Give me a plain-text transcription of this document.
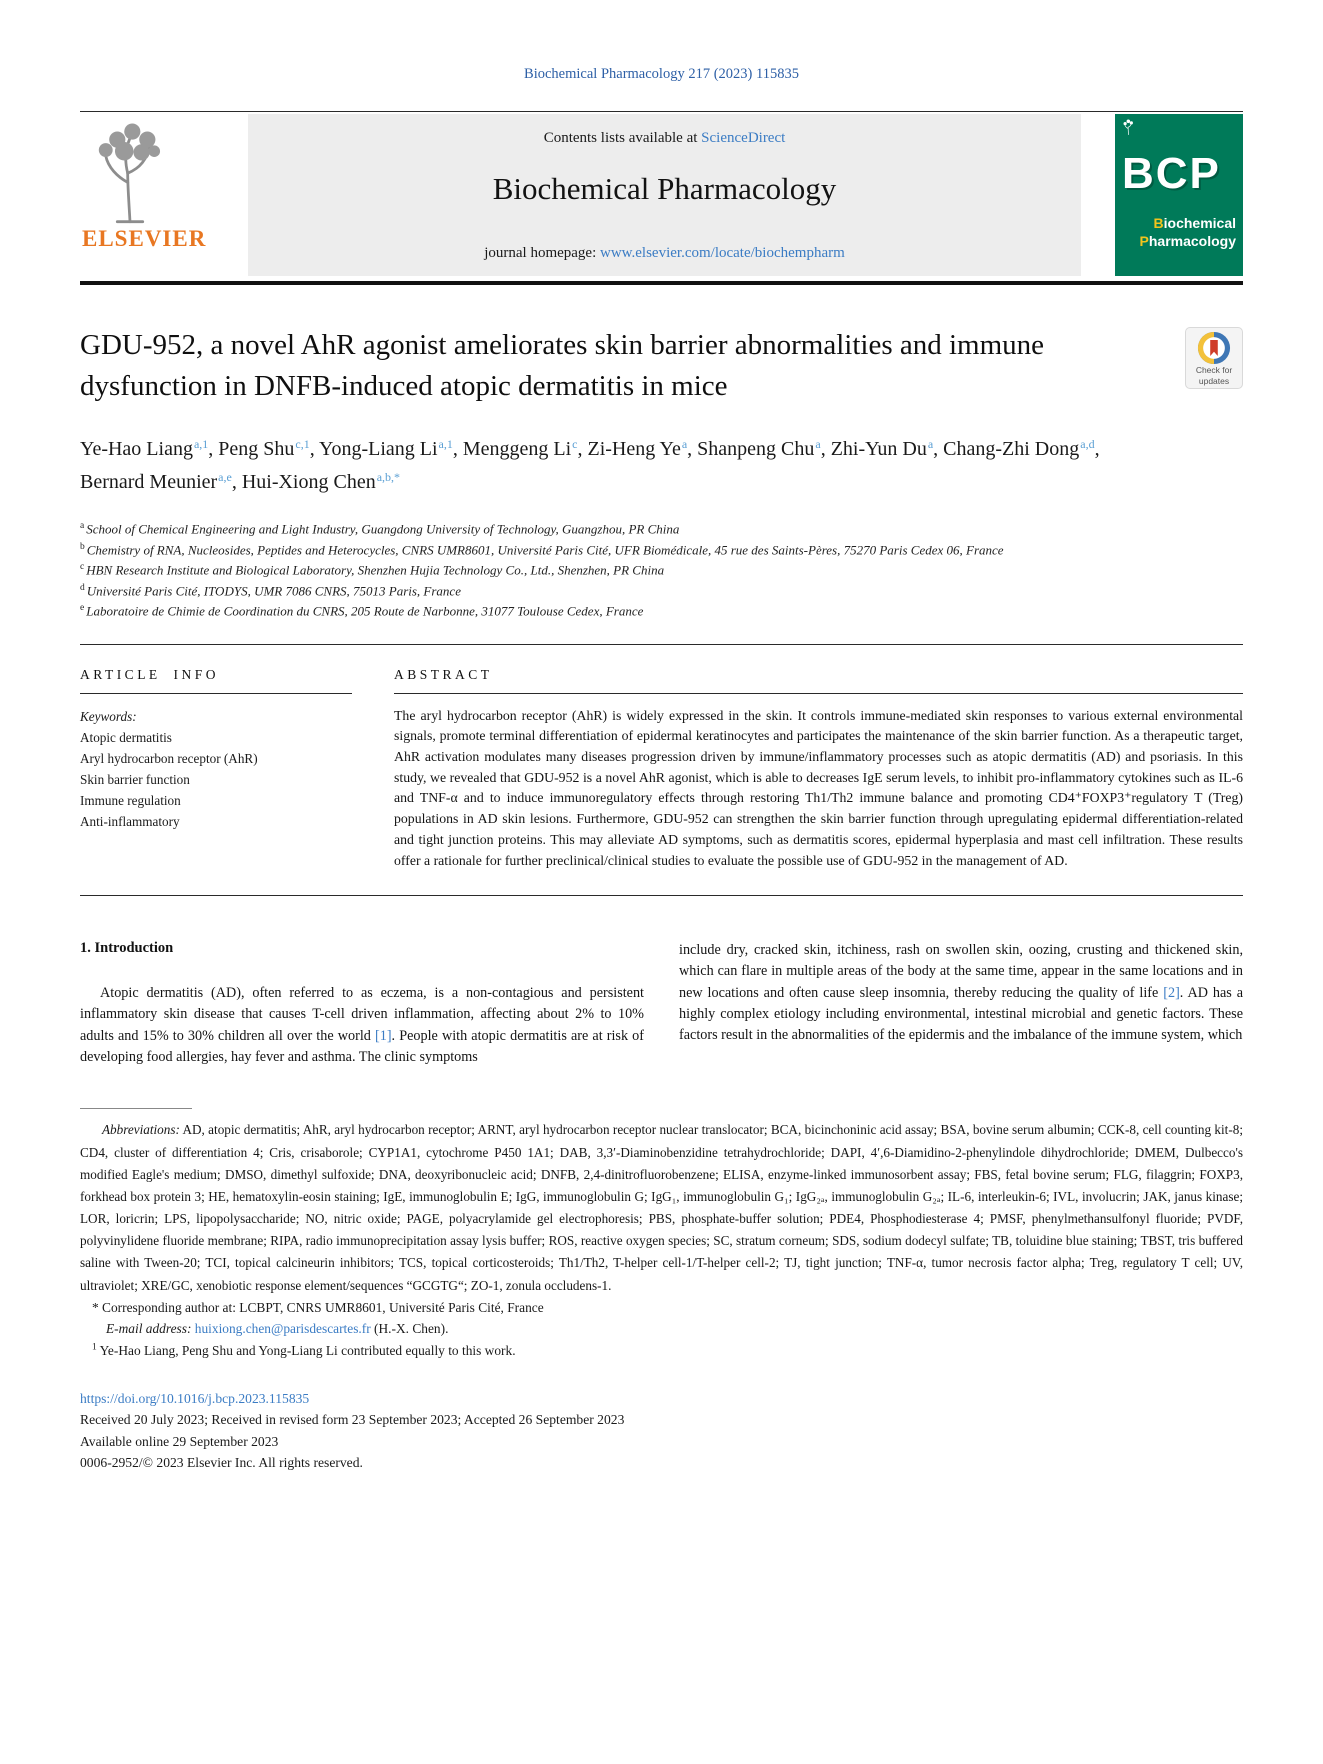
Biochemical Pharmacology 217 (2023) 115835
ELSEVIER
Contents lists available at ScienceDirect
Biochemical Pharmacology
journal homepage: www.elsevier.com/locate/biochempharm
BCP
Biochemical
Pharmacology
GDU-952, a novel AhR agonist ameliorates skin barrier abnormalities and immune dysfunction in DNFB-induced atopic dermatitis in mice
Check for
updates
Ye-Hao Liang$^{a,1}$ , Peng Shu$^{c,1}$ , Yong-Liang Li$^{a,1}$ , Menggeng Li$^c$ , Zi-Heng Ye$^a$ , Shanpeng Chu$^a$ , Zhi-Yun Du$^a$ , Chang-Zhi Dong$^{a,d}$ , Bernard Meunier$^{a,e}$ , Hui-Xiong Chen$^{a,b,*}$
$^a$ School of Chemical Engineering and Light Industry, Guangdong University of Technology, Guangzhou, PR China
$^b$ Chemistry of RNA, Nucleosides, Peptides and Heterocycles, CNRS UMR8601, Université Paris Cité, UFR Biomédicale, 45 rue des Saints-Pères, 75270 Paris Cedex 06, France
$^c$ HBN Research Institute and Biological Laboratory, Shenzhen Hujia Technology Co., Ltd., Shenzhen, PR China
$^d$ Université Paris Cité, ITODYS, UMR 7086 CNRS, 75013 Paris, France
$^e$ Laboratoire de Chimie de Coordination du CNRS, 205 Route de Narbonne, 31077 Toulouse Cedex, France
ARTICLE INFO
Keywords:
Atopic dermatitis
Aryl hydrocarbon receptor (AhR)
Skin barrier function
Immune regulation
Anti-inflammatory
ABSTRACT

The aryl hydrocarbon receptor (AhR) is widely expressed in the skin. It controls immune-mediated skin responses to various external environmental signals, promote terminal differentiation of epidermal keratinocytes and participates the maintenance of the skin barrier function. As a therapeutic target, AhR activation modulates many diseases progression driven by immune/inflammatory processes such as atopic dermatitis (AD) and psoriasis. In this study, we revealed that GDU-952 is a novel AhR agonist, which is able to decreases IgE serum levels, to inhibit pro-inflammatory cytokines such as IL-6 and TNF-α and to induce immunoregulatory effects through restoring Th1/Th2 immune balance and promoting CD4⁺FOXP3⁺regulatory T (Treg) populations in AD skin lesions. Furthermore, GDU-952 can strengthen the skin barrier function through upregulating epidermal differentiation-related and tight junction proteins. This may alleviate AD symptoms, such as dermatitis scores, epidermal hyperplasia and mast cell infiltration. These results offer a rationale for further preclinical/clinical studies to evaluate the possible use of GDU-952 in the management of AD.

1. Introduction

Atopic dermatitis (AD), often referred to as eczema, is a non-contagious and persistent inflammatory skin disease that causes T-cell driven inflammation, affecting about 2% to 10% adults and 15% to 30% children all over the world [1]. People with atopic dermatitis are at risk of developing food allergies, hay fever and asthma. The clinic symptoms

include dry, cracked skin, itchiness, rash on swollen skin, oozing, crusting and thickened skin, which can flare in multiple areas of the body at the same time, appear in the same locations and in new locations and often cause sleep insomnia, thereby reducing the quality of life [2]. AD has a highly complex etiology including environmental, intestinal microbial and genetic factors. These factors result in the abnormalities of the epidermis and the imbalance of the immune system, which

Abbreviations: AD, atopic dermatitis; AhR, aryl hydrocarbon receptor; ARNT, aryl hydrocarbon receptor nuclear translocator; BCA, bicinchoninic acid assay; BSA, bovine serum albumin; CCK-8, cell counting kit-8; CD4, cluster of differentiation 4; Cris, crisaborole; CYP1A1, cytochrome P450 1A1; DAB, 3,3′-Diaminobenzidine tetrahydrochloride; DAPI, 4′,6-Diamidino-2-phenylindole dihydrochloride; DMEM, Dulbecco's modified Eagle's medium; DMSO, dimethyl sulfoxide; DNA, deoxyribonucleic acid; DNFB, 2,4-dinitrofluorobenzene; ELISA, enzyme-linked immunosorbent assay; FBS, fetal bovine serum; FLG, filaggrin; FOXP3, forkhead box protein 3; HE, hematoxylin-eosin staining; IgE, immunoglobulin E; IgG, immunoglobulin G; IgG₁, immunoglobulin G₁; IgG₂ₐ, immunoglobulin G₂ₐ; IL-6, interleukin-6; IVL, involucrin; JAK, janus kinase; LOR, loricrin; LPS, lipopolysaccharide; NO, nitric oxide; PAGE, polyacrylamide gel electrophoresis; PBS, phosphate-buffer solution; PDE4, Phosphodiesterase 4; PMSF, phenylmethansulfonyl fluoride; PVDF, polyvinylidene fluoride membrane; RIPA, radio immunoprecipitation assay lysis buffer; ROS, reactive oxygen species; SC, stratum corneum; SDS, sodium dodecyl sulfate; TB, toluidine blue staining; TBST, tris buffered saline with Tween-20; TCI, topical calcineurin inhibitors; TCS, topical corticosteroids; Th1/Th2, T-helper cell-1/T-helper cell-2; TJ, tight junction; TNF-α, tumor necrosis factor alpha; Treg, regulatory T cell; UV, ultraviolet; XRE/GC, xenobiotic response element/sequences “GCGTG“; ZO-1, zonula occludens-1.

* Corresponding author at: LCBPT, CNRS UMR8601, Université Paris Cité, France

E-mail address: huixiong.chen@parisdescartes.fr (H.-X. Chen).

$^1$ Ye-Hao Liang, Peng Shu and Yong-Liang Li contributed equally to this work.

https://doi.org/10.1016/j.bcp.2023.115835
Received 20 July 2023; Received in revised form 23 September 2023; Accepted 26 September 2023
Available online 29 September 2023
0006-2952/© 2023 Elsevier Inc. All rights reserved.
